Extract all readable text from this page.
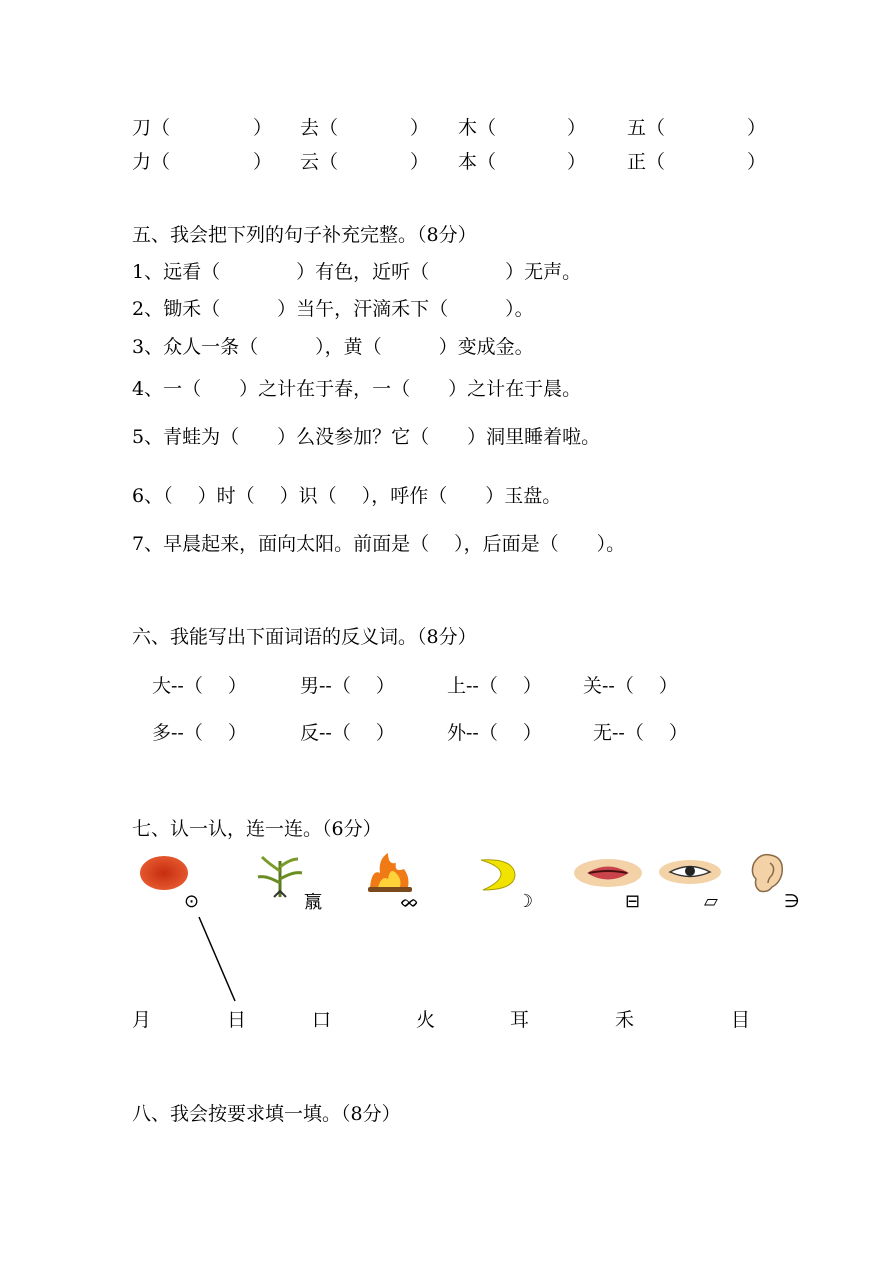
刀（	） 去（	） 木（	） 五（	）
力（	） 云（	） 本（	） 正（	）
五、我会把下列的句子补充完整。（8分）
1、远看（　　　　）有色，近听（　　　　）无声。
2、锄禾（　　　）当午，汗滴禾下（　　　）。
3、众人一条（　　　），黄（　　　）变成金。
4、一（　　）之计在于春，一（　　）之计在于晨。
5、青蛙为（　　）么没参加？它（　　）洞里睡着啦。
6、（　 ）时（　 ）识（　 ），呼作（　　）玉盘。
7、早晨起来，面向太阳。前面是（　 ），后面是（　　）。
六、我能写出下面词语的反义词。（8分）
大--（　 ）	男--（　 ）	上--（　 ） 关--（　 ）
多--（　 ）	反--（　 ）	外--（　 ）	无--（　 ）
七、认一认，连一连。（6分）
⊙	𣎆	ᨖ	☽	⊟	▱	∋
月	日	口	火	耳	禾	目
八、我会按要求填一填。（8分）
